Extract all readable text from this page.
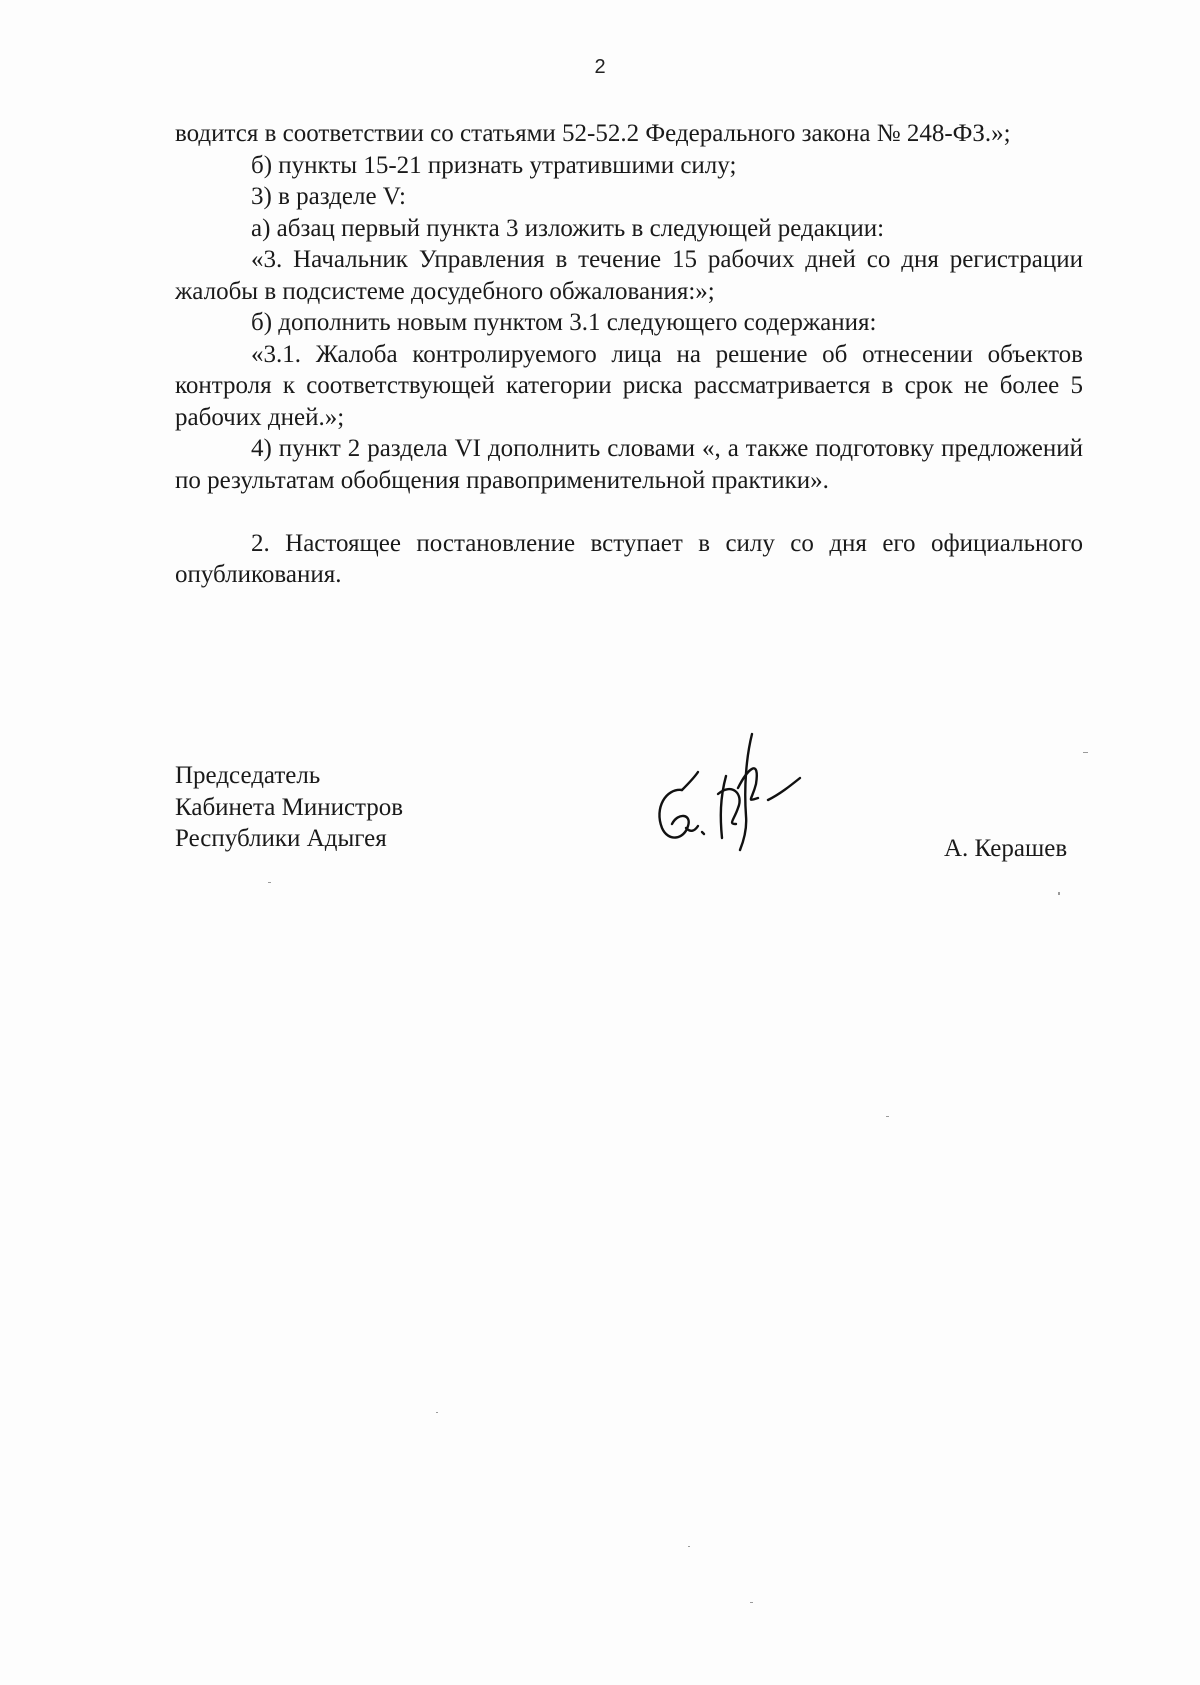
2

водится в соответствии со статьями 52-52.2 Федерального закона № 248-ФЗ.»;

б) пункты 15-21 признать утратившими силу;

3) в разделе V:

а) абзац первый пункта 3 изложить в следующей редакции:

«3. Начальник Управления в течение 15 рабочих дней со дня регистрации жалобы в подсистеме досудебного обжалования:»;

б) дополнить новым пунктом 3.1 следующего содержания:

«3.1. Жалоба контролируемого лица на решение об отнесении объектов контроля к соответствующей категории риска рассматривается в срок не более 5 рабочих дней.»;

4) пункт 2 раздела VI дополнить словами «, а также подготовку предложений по результатам обобщения правоприменительной практики».

2. Настоящее постановление вступает в силу со дня его официального опубликования.

Председатель
Кабинета Министров
Республики Адыгея	А. Керашев
